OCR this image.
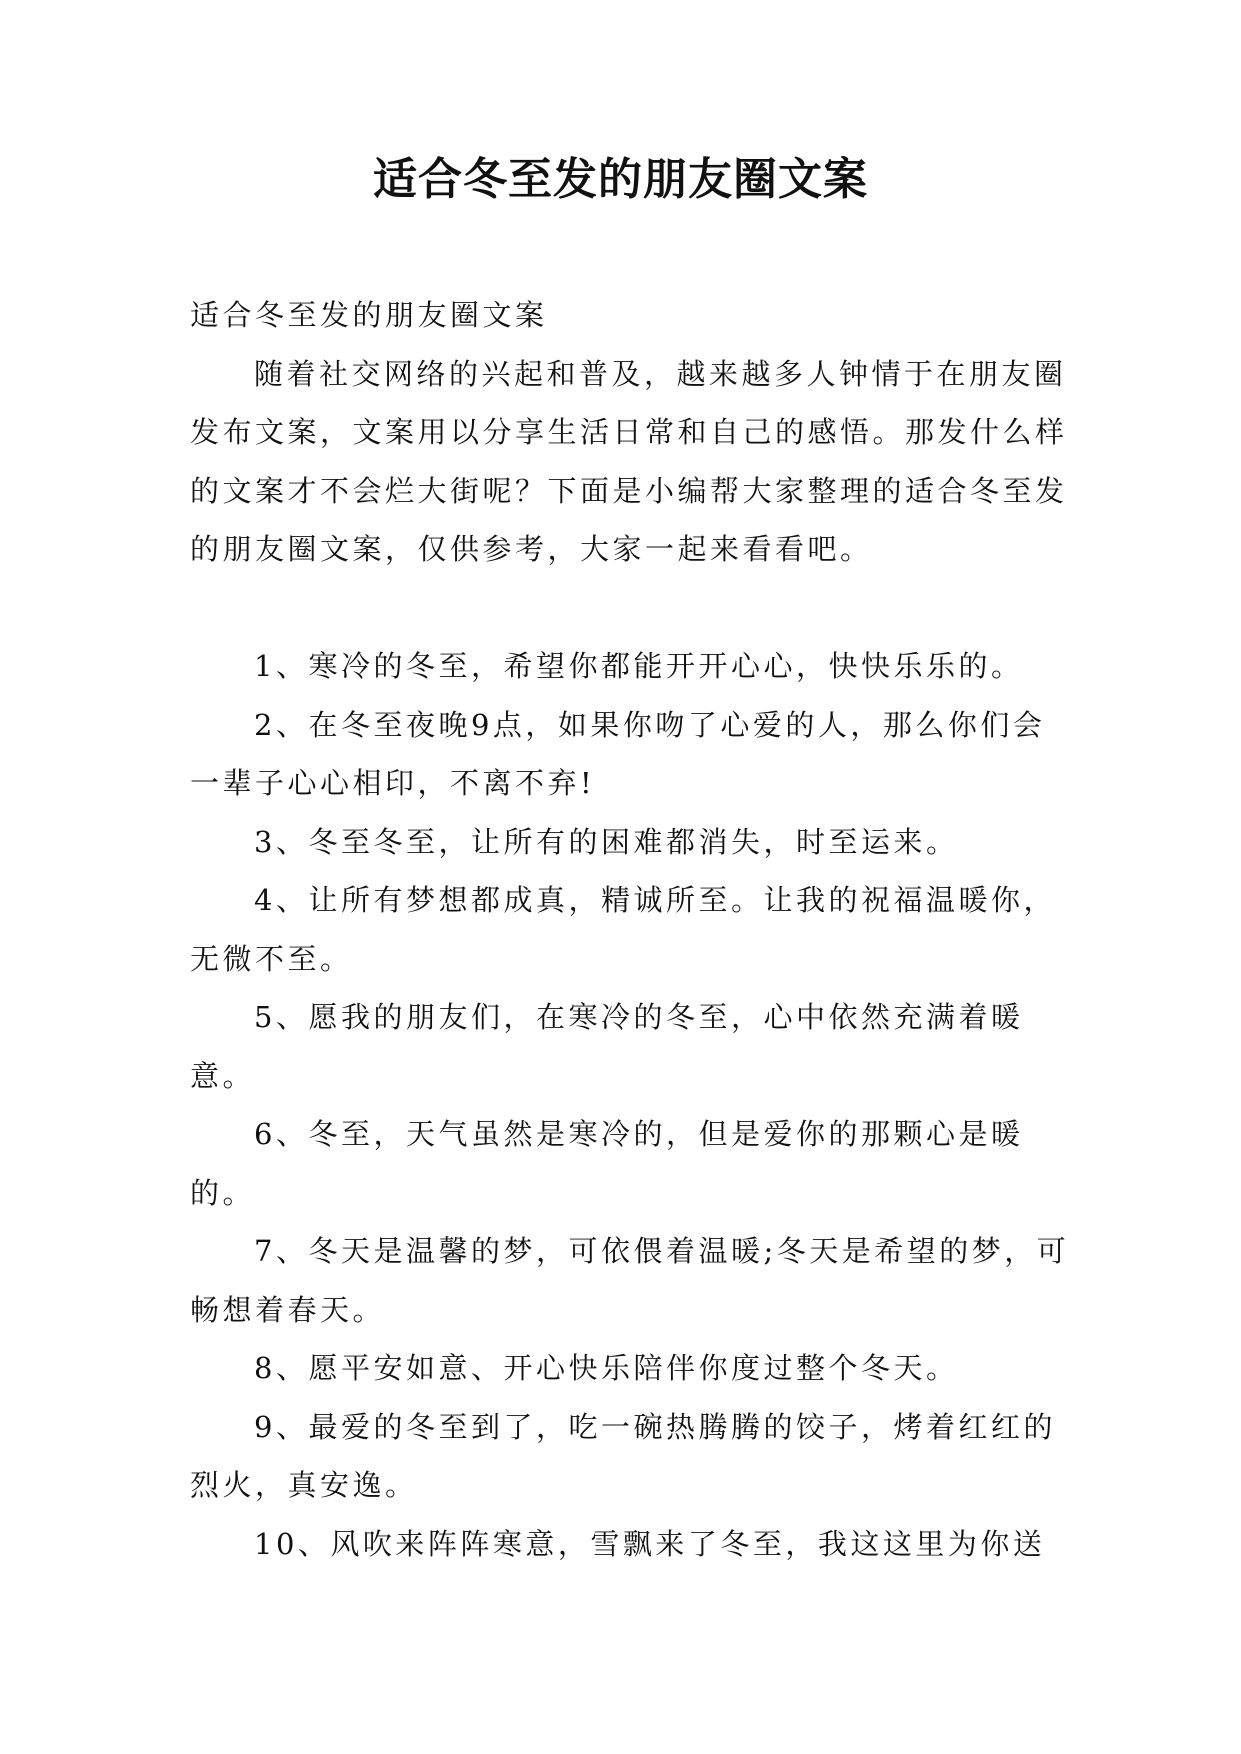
适合冬至发的朋友圈文案

适合冬至发的朋友圈文案

随着社交网络的兴起和普及，越来越多人钟情于在朋友圈发布文案，文案用以分享生活日常和自己的感悟。那发什么样的文案才不会烂大街呢？下面是小编帮大家整理的适合冬至发的朋友圈文案，仅供参考，大家一起来看看吧。

1、寒冷的冬至，希望你都能开开心心，快快乐乐的。

2、在冬至夜晚9点，如果你吻了心爱的人，那么你们会一辈子心心相印，不离不弃!

3、冬至冬至，让所有的困难都消失，时至运来。

4、让所有梦想都成真，精诚所至。让我的祝福温暖你，无微不至。

5、愿我的朋友们，在寒冷的冬至，心中依然充满着暖意。

6、冬至，天气虽然是寒冷的，但是爱你的那颗心是暖的。

7、冬天是温馨的梦，可依偎着温暖;冬天是希望的梦，可畅想着春天。

8、愿平安如意、开心快乐陪伴你度过整个冬天。

9、最爱的冬至到了，吃一碗热腾腾的饺子，烤着红红的烈火，真安逸。

10、风吹来阵阵寒意，雪飘来了冬至，我这这里为你送
